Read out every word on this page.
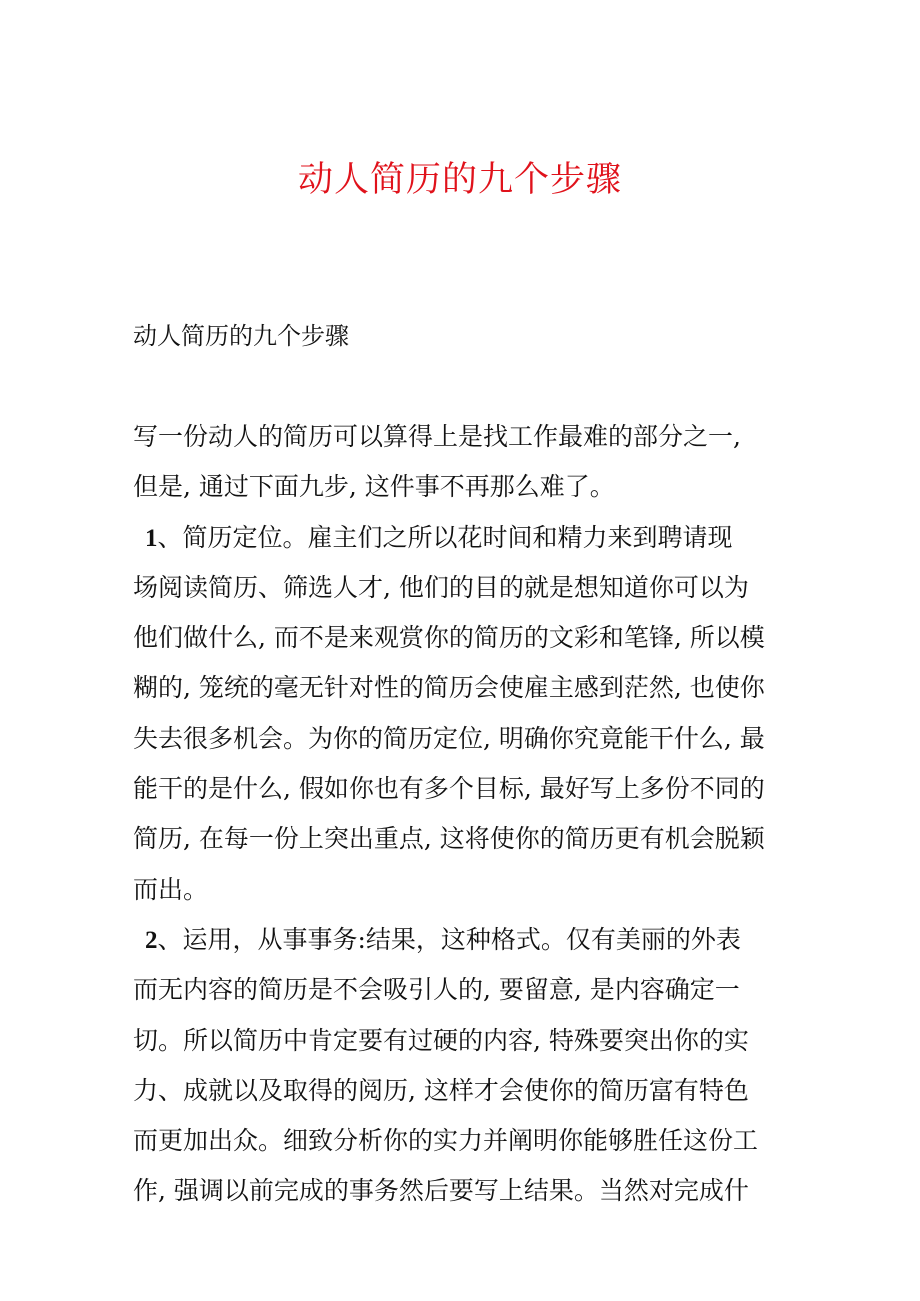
动人简历的九个步骤
动人简历的九个步骤
写一份动人的简历可以算得上是找工作最难的部分之一,
但是, 通过下面九步, 这件事不再那么难了。
1、简历定位。雇主们之所以花时间和精力来到聘请现
场阅读简历、筛选人才, 他们的目的就是想知道你可以为
他们做什么, 而不是来观赏你的简历的文彩和笔锋, 所以模
糊的, 笼统的毫无针对性的简历会使雇主感到茫然, 也使你
失去很多机会。为你的简历定位, 明确你究竟能干什么, 最
能干的是什么, 假如你也有多个目标, 最好写上多份不同的
简历, 在每一份上突出重点, 这将使你的简历更有机会脱颖
而出。
2、运用，从事事务:结果，这种格式。仅有美丽的外表
而无内容的简历是不会吸引人的, 要留意, 是内容确定一
切。所以简历中肯定要有过硬的内容, 特殊要突出你的实
力、成就以及取得的阅历, 这样才会使你的简历富有特色
而更加出众。细致分析你的实力并阐明你能够胜任这份工
作, 强调以前完成的事务然后要写上结果。当然对完成什
